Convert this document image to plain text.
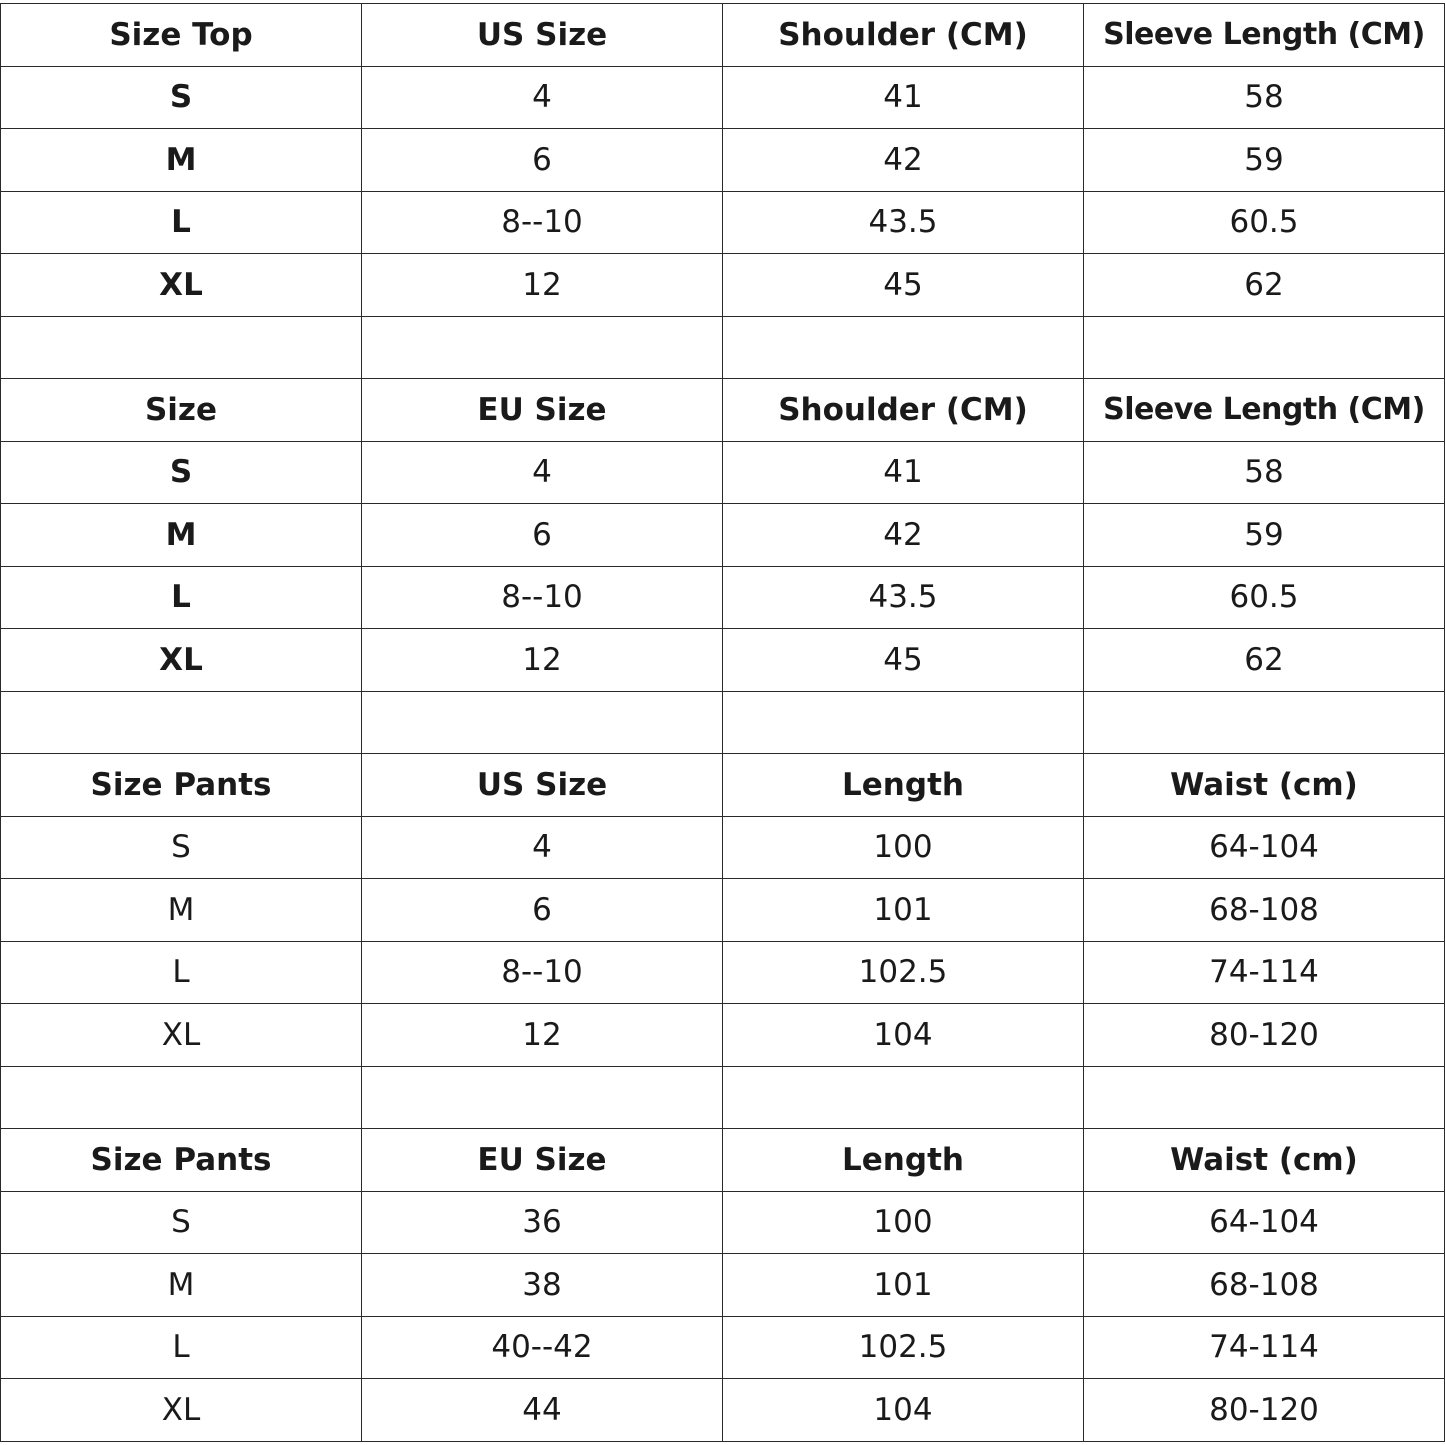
Size Top	US Size	Shoulder (CM)	Sleeve Length (CM)
S	4	41	58
M	6	42	59
L	8--10	43.5	60.5
XL	12	45	62

Size	EU Size	Shoulder (CM)	Sleeve Length (CM)
S	4	41	58
M	6	42	59
L	8--10	43.5	60.5
XL	12	45	62

Size Pants	US Size	Length	Waist (cm)
S	4	100	64-104
M	6	101	68-108
L	8--10	102.5	74-114
XL	12	104	80-120

Size Pants	EU Size	Length	Waist (cm)
S	36	100	64-104
M	38	101	68-108
L	40--42	102.5	74-114
XL	44	104	80-120
